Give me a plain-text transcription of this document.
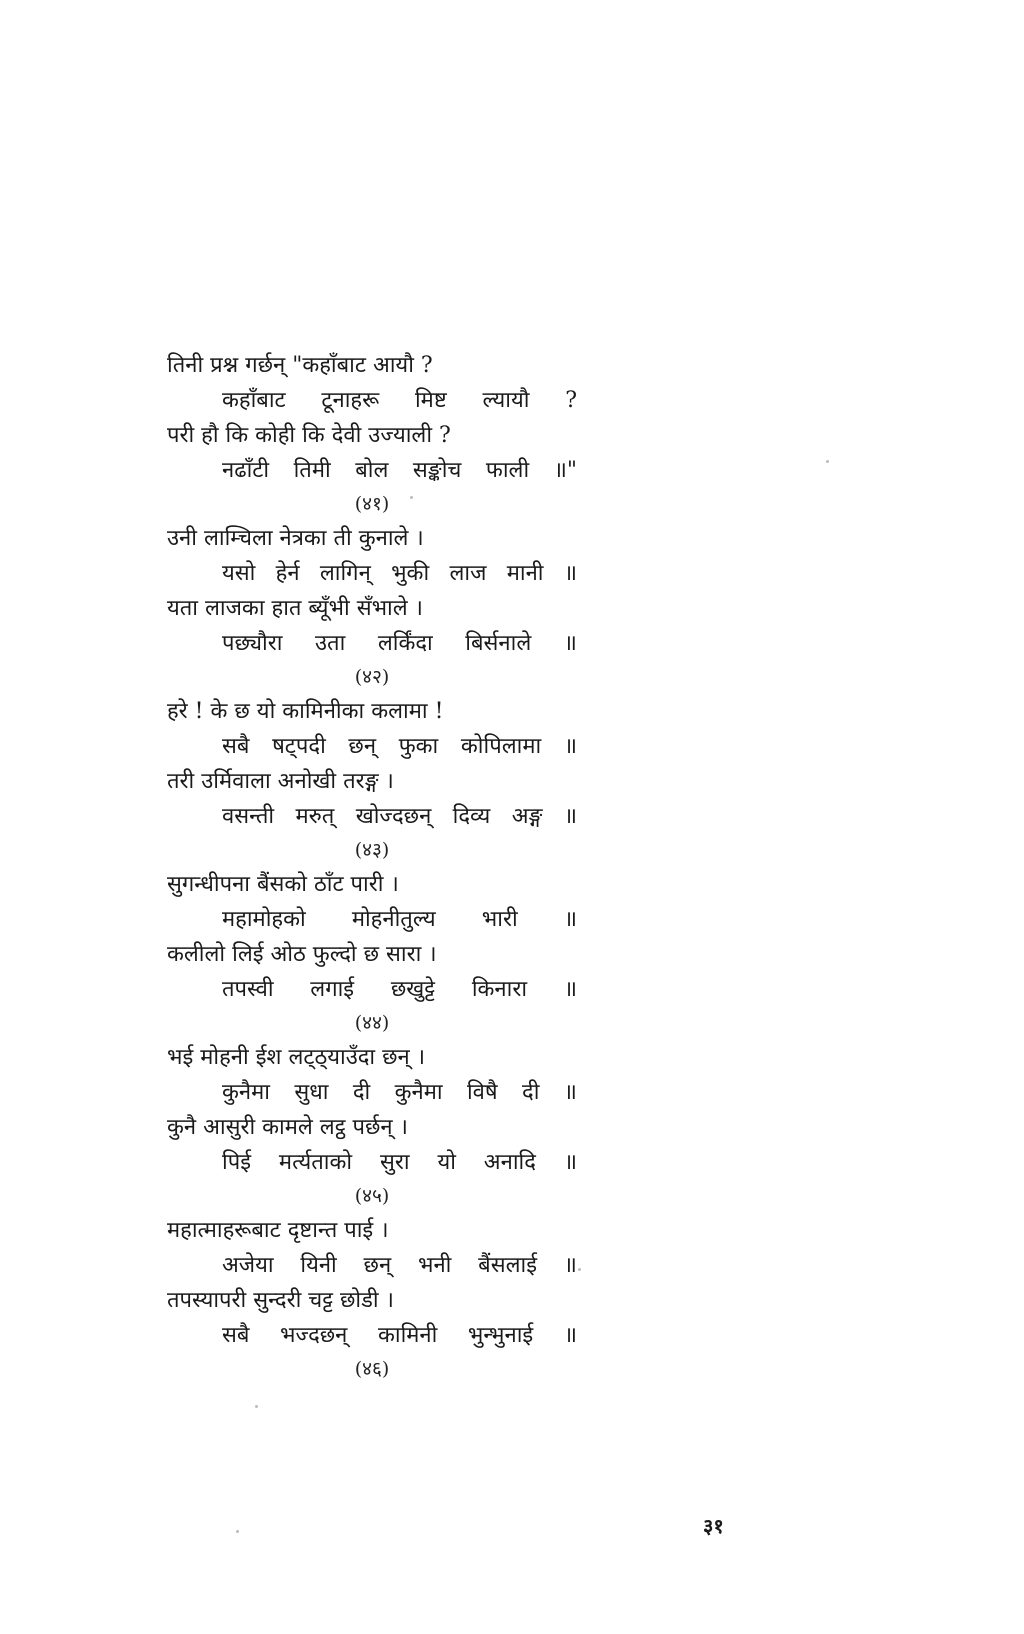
तिनी प्रश्न गर्छन् "कहाँबाट आयौ ?
कहाँबाट टूनाहरू मिष्ट ल्यायौ ?
परी हौ कि कोही कि देवी उज्याली ?
नढाँटी तिमी बोल सङ्कोच फाली ॥"
(४१)
उनी लाम्चिला नेत्रका ती कुनाले ।
यसो हेर्न लागिन् भुकी लाज मानी ॥
यता लाजका हात ब्यूँभी सँभाले ।
पछ्यौरा उता लर्किंदा बिर्सनाले ॥
(४२)
हरे ! के छ यो कामिनीका कलामा !
सबै षट्पदी छन् फुका कोपिलामा ॥
तरी उर्मिवाला अनोखी तरङ्ग ।
वसन्ती मरुत् खोज्दछन् दिव्य अङ्ग ॥
(४३)
सुगन्धीपना बैंसको ठाँट पारी ।
महामोहको मोहनीतुल्य भारी ॥
कलीलो लिई ओठ फुल्दो छ सारा ।
तपस्वी लगाई छखुट्टे किनारा ॥
(४४)
भई मोहनी ईश लट्ठ्याउँदा छन् ।
कुनैमा सुधा दी कुनैमा विषै दी ॥
कुनै आसुरी कामले लट्ठ पर्छन् ।
पिई मर्त्यताको सुरा यो अनादि ॥
(४५)
महात्माहरूबाट दृष्टान्त पाई ।
अजेया यिनी छन् भनी बैंसलाई ॥
तपस्यापरी सुन्दरी चट्ट छोडी ।
सबै भज्दछन् कामिनी भुन्भुनाई ॥
(४६)
३१
